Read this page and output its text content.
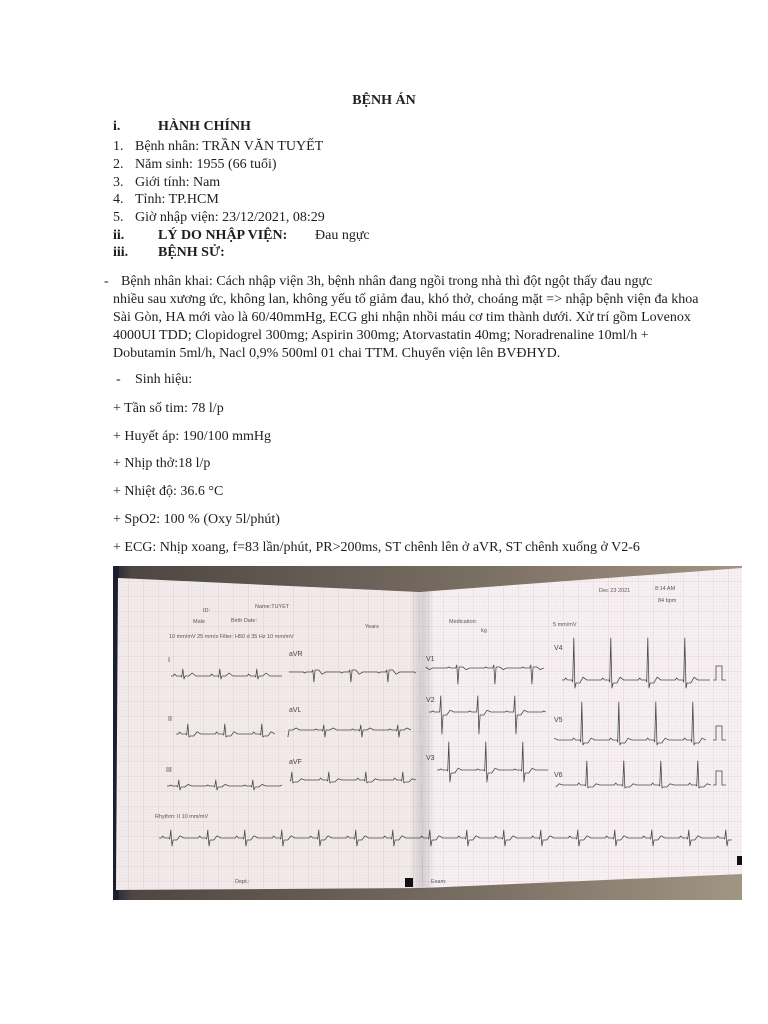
BỆNH ÁN
i.	HÀNH CHÍNH
1. Bệnh nhân: TRẦN VĂN TUYẾT
2. Năm sinh: 1955 (66 tuổi)
3. Giới tính: Nam
4. Tỉnh: TP.HCM
5. Giờ nhập viện: 23/12/2021, 08:29
ii. LÝ DO NHẬP VIỆN: Đau ngực
iii. BỆNH SỬ:
- Bệnh nhân khai: Cách nhập viện 3h, bệnh nhân đang ngồi trong nhà thì đột ngột thấy đau ngực
nhiều sau xương ức, không lan, không yếu tố giảm đau, khó thở, choáng mặt => nhập bệnh viện đa khoa
Sài Gòn, HA mới vào là 60/40mmHg, ECG ghi nhận nhồi máu cơ tim thành dưới. Xử trí gồm Lovenox
4000UI TDD; Clopidogrel 300mg; Aspirin 300mg; Atorvastatin 40mg; Noradrenaline 10ml/h +
Dobutamin 5ml/h, Nacl 0,9% 500ml 01 chai TTM. Chuyển viện lên BVĐHYD.
- Sinh hiệu:
+ Tần số tim: 78 l/p
+ Huyết áp: 190/100 mmHg
+ Nhịp thở:18 l/p
+ Nhiệt độ: 36.6 °C
+ SpO2: 100 % (Oxy 5l/phút)
+ ECG: Nhịp xoang, f=83 lần/phút, PR>200ms, ST chênh lên ở aVR, ST chênh xuống ở V2-6
ID:
Name:TUYET
Male	Birth Date:
Years
Medication:
kg
10 mm/mV 25 mm/s Filter: H50 d 35 Hz 10 mm/mV
5 mm/mV
Dec 23 2021	8:14 AM
84 bpm
I
aVR
V1
V4
II
aVL
V2
V5
III
aVF
V3
V6
Rhythm: II 10 mm/mV
Dept.:	Exam:
